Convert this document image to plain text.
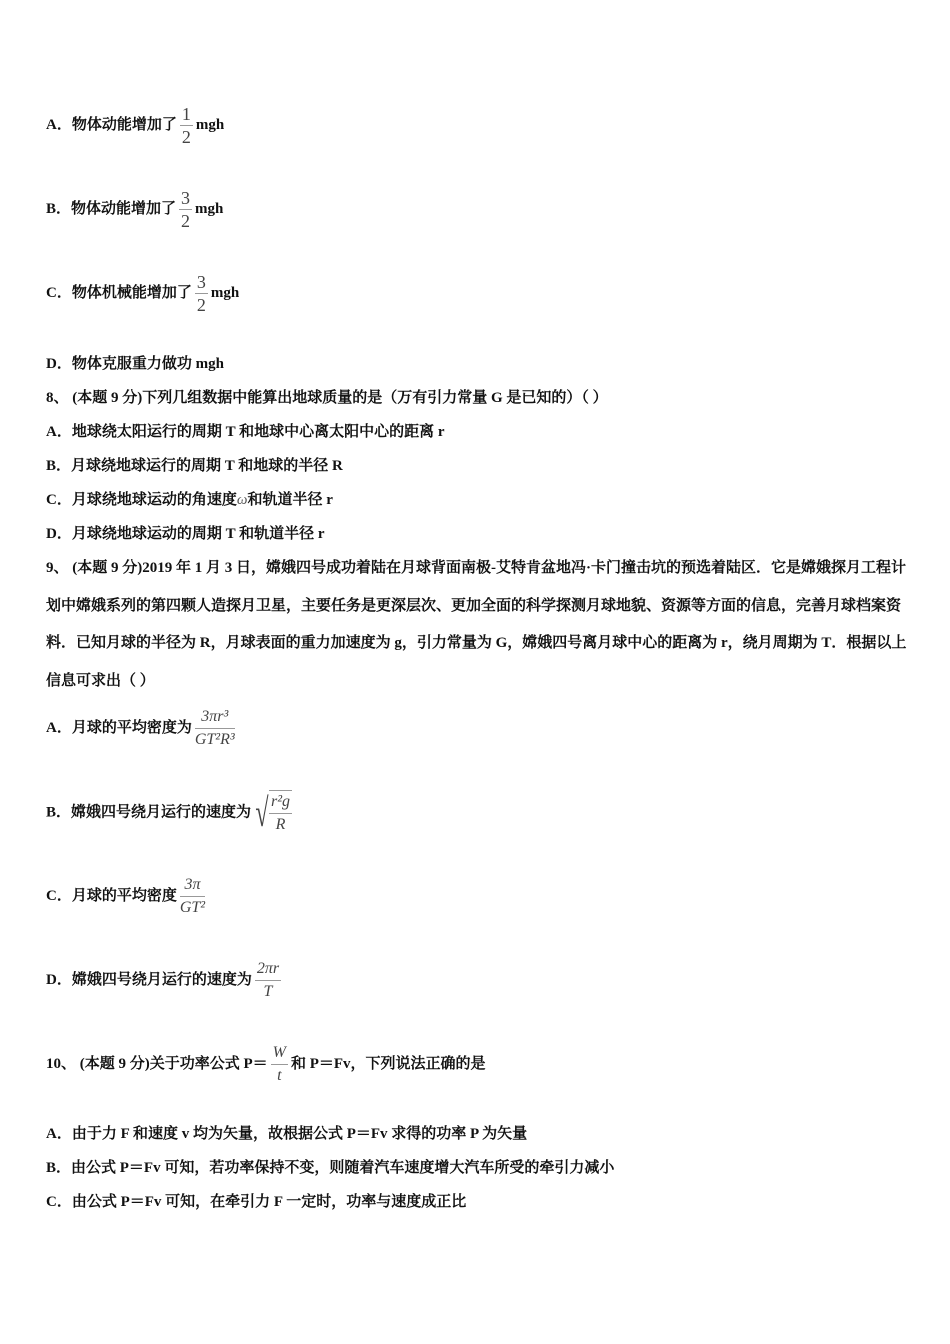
A．物体动能增加了 $\frac{1}{2}$ mgh
B．物体动能增加了 $\frac{3}{2}$ mgh
C．物体机械能增加了 $\frac{3}{2}$ mgh
D．物体克服重力做功 mgh
8、 (本题 9 分)下列几组数据中能算出地球质量的是（万有引力常量 G 是已知的）（ ）
A．地球绕太阳运行的周期 T 和地球中心离太阳中心的距离 r
B．月球绕地球运行的周期 T 和地球的半径 R
C．月球绕地球运动的角速度ω和轨道半径 r
D．月球绕地球运动的周期 T 和轨道半径 r
9、 (本题 9 分)2019 年 1 月 3 日，嫦娥四号成功着陆在月球背面南极-艾特肯盆地冯·卡门撞击坑的预选着陆区．它是嫦娥探月工程计划中嫦娥系列的第四颗人造探月卫星，主要任务是更深层次、更加全面的科学探测月球地貌、资源等方面的信息，完善月球档案资料．已知月球的半径为 R，月球表面的重力加速度为 g，引力常量为 G，嫦娥四号离月球中心的距离为 r，绕月周期为 T．根据以上信息可求出（ ）
A．月球的平均密度为 $\frac{\text{3πr³}}{\text{GT²R³}}$
B．嫦娥四号绕月运行的速度为 √ $\frac{\text{r²g}}{R}$
C．月球的平均密度 $\frac{3\pi}{\text{GT²}}$
D．嫦娥四号绕月运行的速度为 $\frac{2\pi r}{T}$
10、 (本题 9 分)关于功率公式 $P= \frac{W}{t}$ 和 P＝Fv，下列说法正确的是
A．由于力 F 和速度 v 均为矢量，故根据公式 P＝Fv 求得的功率 P 为矢量
B．由公式 P＝Fv 可知，若功率保持不变，则随着汽车速度增大汽车所受的牵引力减小
C．由公式 P＝Fv 可知，在牵引力 F 一定时，功率与速度成正比
